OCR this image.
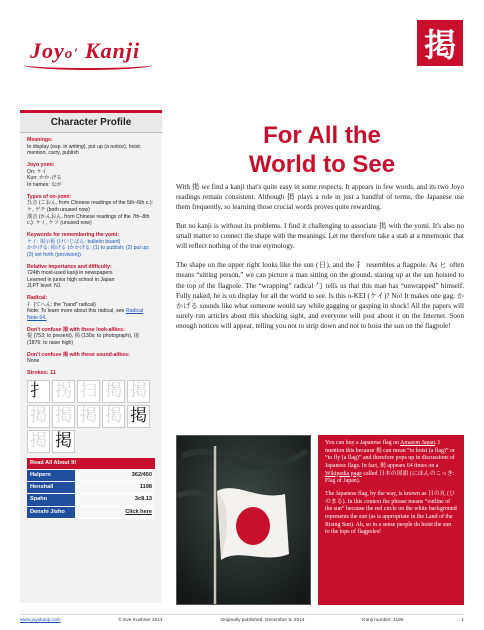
Joyo' Kanji	掲
Character Profile
Meanings:
to display (esp. in writing), put up (a notice), hoist; mention, carry, publish
Joyo yomi:
On: ケイ
Kun: かか·げる
In names: なが
Types of on-yomi:
呉音 (ごおん, from Chinese readings of the 5th–6th c.): ケ, ゲチ (both unused now)
漢音 (かんおん, from Chinese readings of the 7th–8th c.): ケイ, ケツ (unused now)
Keywords for remembering the yomi:
ケイ: 掲示板 (けいじばん: bulletin board)
かかげる: 掲げる (かかげる: (1) to publish; (2) put up; (3) set forth (provision))
Relative importance and difficulty:
724th most-used kanji in newspapers
Learned in junior high school in Japan
JLPT level: N1
Radical:
扌 (てへん: the “hand” radical)
Note: To learn more about this radical, see Radical Note 64.
Don't confuse 掲 with these look-alikes:
提 (753; to present), 揭 (130s: to photograph), 揚 (1876: to raise high)
Don't confuse 掲 with these sound-alikes:
None
Strokes: 11
扌 拐 扫 掲 掲
掲 掲 掲 掲 掲
掲 掲
Read All About It!	
Halpern	362/450
Henshall	1198
Spahn	3c8.13
Denshi Jisho	Click here
For All the
World to See

With 掲 we find a kanji that's quite easy in some respects. It appears in few words, and its two Joyo readings remain consistent. Although 掲 plays a role in just a handful of terms, the Japanese use them frequently, so learning those crucial words proves quite rewarding.

But no kanji is without its problems. I find it challenging to associate 掲 with the yomi. It's also no small matter to connect the shape with the meanings. Let me therefore take a stab at a mnemonic that will reflect nothing of the true etymology.

The shape on the upper right looks like the sun (日), and the 扌 resembles a flagpole. As ヒ often means “sitting person,” we can picture a man sitting on the ground, staring up at the sun hoisted to the top of the flagpole. The “wrapping” radical 勹 tells us that this man has “unwrapped” himself. Fully naked, he is on display for all the world to see. Is this o-KEI (ケイ)? No! It makes one gag; かかげる sounds like what someone would say while gagging or gasping in shock! All the papers will surely run articles about this shocking sight, and everyone will post about it on the Internet. Soon enough notices will appear, telling you not to strip down and not to hoist the sun on the flagpole!

You can buy a Japanese flag on Amazon Japan. I mention this because 掲 can mean “to hoist (a flag)” or “to fly (a flag)” and therefore pops up in discussions of Japanese flags. In fact, 掲 appears 64 times on a Wikipedia page called 日本の国旗 (にほんのこっき: Flag of Japan).

The Japanese flag, by the way, is known as 日の丸 (ひのまる). In this context the phrase means “outline of the sun” because the red circle on the white background represents the sun (as is appropriate in the Land of the Rising Sun). Ah, so in a sense people do hoist the sun to the tops of flagpoles!

www.joyokanji.com	© Eve Kushner 2014	Originally published: December 5, 2014	Kanji number: 1198	1
